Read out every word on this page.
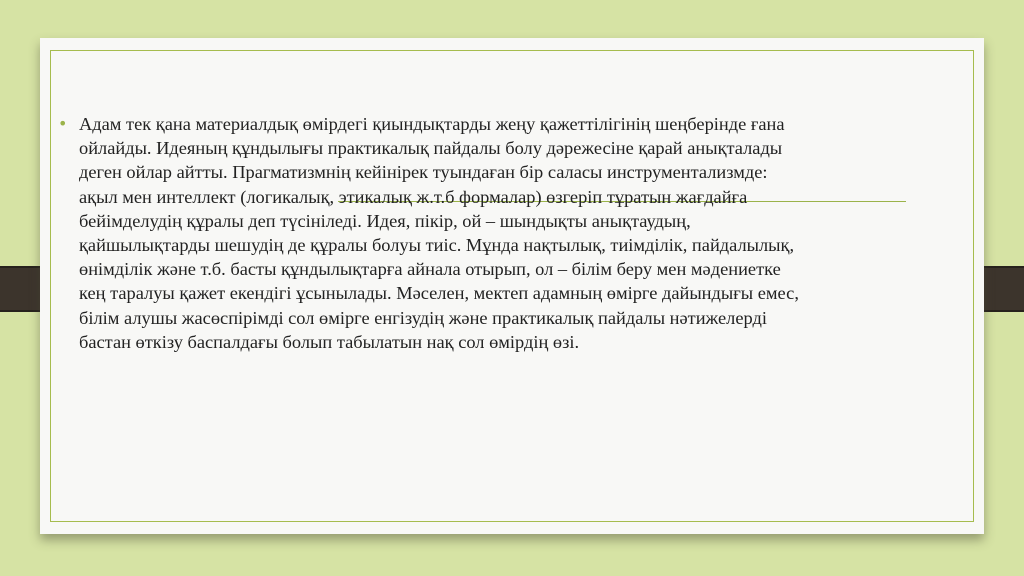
• Адам тек қана материалдық өмірдегі қиындықтарды жеңу қажеттілігінің шеңберінде ғана
ойлайды. Идеяның құндылығы практикалық пайдалы болу дәрежесіне қарай анықталады
деген ойлар айтты. Прагматизмнің кейінірек туындаған бір саласы инструментализмде:
ақыл мен интеллект (логикалық, этикалық ж.т.б формалар) өзгеріп тұратын жағдайға
бейімделудің құралы деп түсініледі. Идея, пікір, ой – шындықты анықтаудың,
қайшылықтарды шешудің де құралы болуы тиіс. Мұнда нақтылық, тиімділік, пайдалылық,
өнімділік және т.б. басты құндылықтарға айнала отырып, ол – білім беру мен мәдениетке
кең таралуы қажет екендігі ұсынылады. Мәселен, мектеп адамның өмірге дайындығы емес,
білім алушы жасөспірімді сол өмірге енгізудің және практикалық пайдалы нәтижелерді
бастан өткізу баспалдағы болып табылатын нақ сол өмірдің өзі.
